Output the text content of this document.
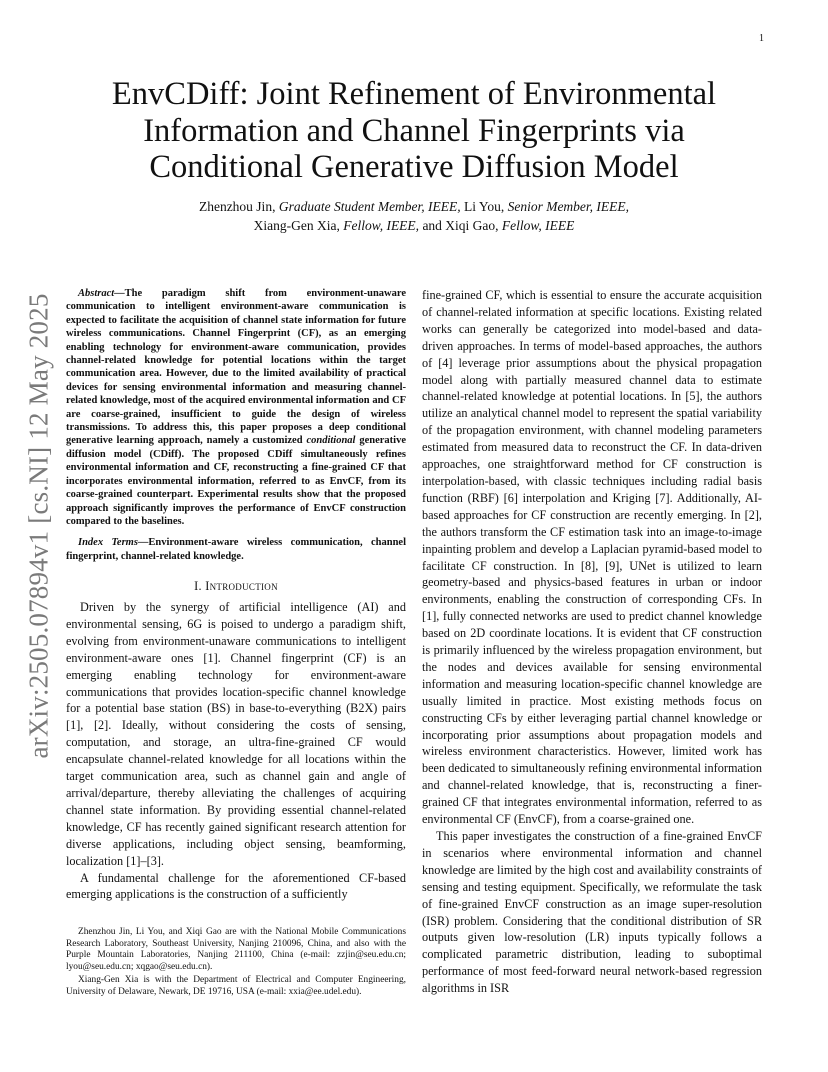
1
arXiv:2505.07894v1 [cs.NI] 12 May 2025
EnvCDiff: Joint Refinement of Environmental Information and Channel Fingerprints via Conditional Generative Diffusion Model
Zhenzhou Jin, Graduate Student Member, IEEE, Li You, Senior Member, IEEE,
Xiang-Gen Xia, Fellow, IEEE, and Xiqi Gao, Fellow, IEEE

Abstract—The paradigm shift from environment-unaware communication to intelligent environment-aware communication is expected to facilitate the acquisition of channel state information for future wireless communications. Channel Fingerprint (CF), as an emerging enabling technology for environment-aware communication, provides channel-related knowledge for potential locations within the target communication area. However, due to the limited availability of practical devices for sensing environmental information and measuring channel-related knowledge, most of the acquired environmental information and CF are coarse-grained, insufficient to guide the design of wireless transmissions. To address this, this paper proposes a deep conditional generative learning approach, namely a customized conditional generative diffusion model (CDiff). The proposed CDiff simultaneously refines environmental information and CF, reconstructing a fine-grained CF that incorporates environmental information, referred to as EnvCF, from its coarse-grained counterpart. Experimental results show that the proposed approach significantly improves the performance of EnvCF construction compared to the baselines.

Index Terms—Environment-aware wireless communication, channel fingerprint, channel-related knowledge.

I. Introduction

Driven by the synergy of artificial intelligence (AI) and environmental sensing, 6G is poised to undergo a paradigm shift, evolving from environment-unaware communications to intelligent environment-aware ones [1]. Channel fingerprint (CF) is an emerging enabling technology for environment-aware communications that provides location-specific channel knowledge for a potential base station (BS) in base-to-everything (B2X) pairs [1], [2]. Ideally, without considering the costs of sensing, computation, and storage, an ultra-fine-grained CF would encapsulate channel-related knowledge for all locations within the target communication area, such as channel gain and angle of arrival/departure, thereby alleviating the challenges of acquiring channel state information. By providing essential channel-related knowledge, CF has recently gained significant research attention for diverse applications, including object sensing, beamforming, localization [1]–[3].

A fundamental challenge for the aforementioned CF-based emerging applications is the construction of a sufficiently

fine-grained CF, which is essential to ensure the accurate acquisition of channel-related information at specific locations. Existing related works can generally be categorized into model-based and data-driven approaches. In terms of model-based approaches, the authors of [4] leverage prior assumptions about the physical propagation model along with partially measured channel data to estimate channel-related knowledge at potential locations. In [5], the authors utilize an analytical channel model to represent the spatial variability of the propagation environment, with channel modeling parameters estimated from measured data to reconstruct the CF. In data-driven approaches, one straightforward method for CF construction is interpolation-based, with classic techniques including radial basis function (RBF) [6] interpolation and Kriging [7]. Additionally, AI-based approaches for CF construction are recently emerging. In [2], the authors transform the CF estimation task into an image-to-image inpainting problem and develop a Laplacian pyramid-based model to facilitate CF construction. In [8], [9], UNet is utilized to learn geometry-based and physics-based features in urban or indoor environments, enabling the construction of corresponding CFs. In [1], fully connected networks are used to predict channel knowledge based on 2D coordinate locations. It is evident that CF construction is primarily influenced by the wireless propagation environment, but the nodes and devices available for sensing environmental information and measuring location-specific channel knowledge are usually limited in practice. Most existing methods focus on constructing CFs by either leveraging partial channel knowledge or incorporating prior assumptions about propagation models and wireless environment characteristics. However, limited work has been dedicated to simultaneously refining environmental information and channel-related knowledge, that is, reconstructing a finer-grained CF that integrates environmental information, referred to as environmental CF (EnvCF), from a coarse-grained one.

This paper investigates the construction of a fine-grained EnvCF in scenarios where environmental information and channel knowledge are limited by the high cost and availability constraints of sensing and testing equipment. Specifically, we reformulate the task of fine-grained EnvCF construction as an image super-resolution (ISR) problem. Considering that the conditional distribution of SR outputs given low-resolution (LR) inputs typically follows a complicated parametric distribution, leading to suboptimal performance of most feed-forward neural network-based regression algorithms in ISR

Zhenzhou Jin, Li You, and Xiqi Gao are with the National Mobile Communications Research Laboratory, Southeast University, Nanjing 210096, China, and also with the Purple Mountain Laboratories, Nanjing 211100, China (e-mail: zzjin@seu.edu.cn; lyou@seu.edu.cn; xqgao@seu.edu.cn).

Xiang-Gen Xia is with the Department of Electrical and Computer Engineering, University of Delaware, Newark, DE 19716, USA (e-mail: xxia@ee.udel.edu).
